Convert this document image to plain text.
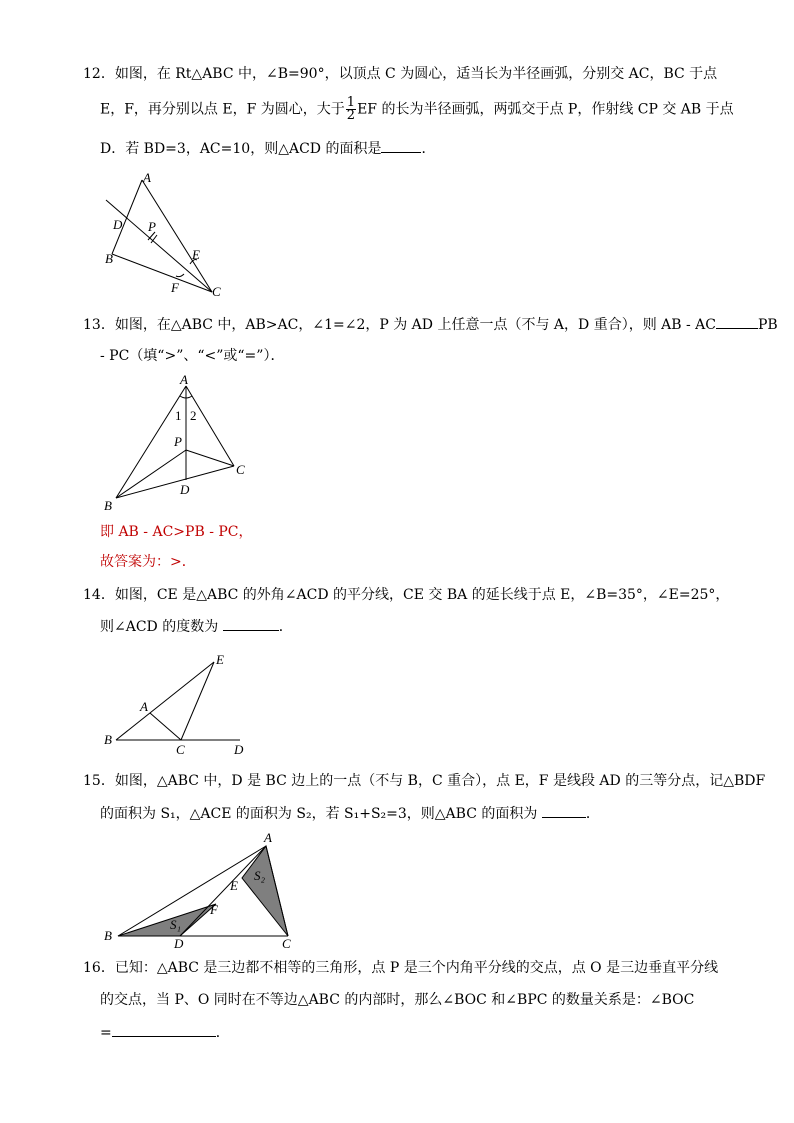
12．如图，在 Rt△ABC 中，∠B=90°，以顶点 C 为圆心，适当长为半径画弧，分别交 AC，BC 于点
E，F，再分别以点 E，F 为圆心，大于 $\frac{1}{2}$ EF 的长为半径画弧，两弧交于点 P，作射线 CP 交 AB 于点
D．若 BD=3，AC=10，则△ACD 的面积是	．
A
D P
E
B
F	C
13．如图，在△ABC 中，AB>AC，∠1=∠2，P 为 AD 上任意一点（不与 A，D 重合），则 AB - AC	PB
- PC（填“>”、“<”或“=”）．
A
1 2
P
C
D
B
即 AB - AC>PB - PC，
故答案为：>．
14．如图，CE 是△ABC 的外角∠ACD 的平分线，CE 交 BA 的延长线于点 E，∠B=35°，∠E=25°，
则∠ACD 的度数为	．
E
A
B
C	D
15．如图，△ABC 中，D 是 BC 边上的一点（不与 B，C 重合），点 E，F 是线段 AD 的三等分点，记△BDF
的面积为 S₁，△ACE 的面积为 S₂，若 S₁+S₂=3，则△ABC 的面积为	．
A
E
S₂
F
S₁
B
D	C
16．已知：△ABC 是三边都不相等的三角形，点 P 是三个内角平分线的交点，点 O 是三边垂直平分线
的交点，当 P、O 同时在不等边△ABC 的内部时，那么∠BOC 和∠BPC 的数量关系是：∠BOC
=	．
